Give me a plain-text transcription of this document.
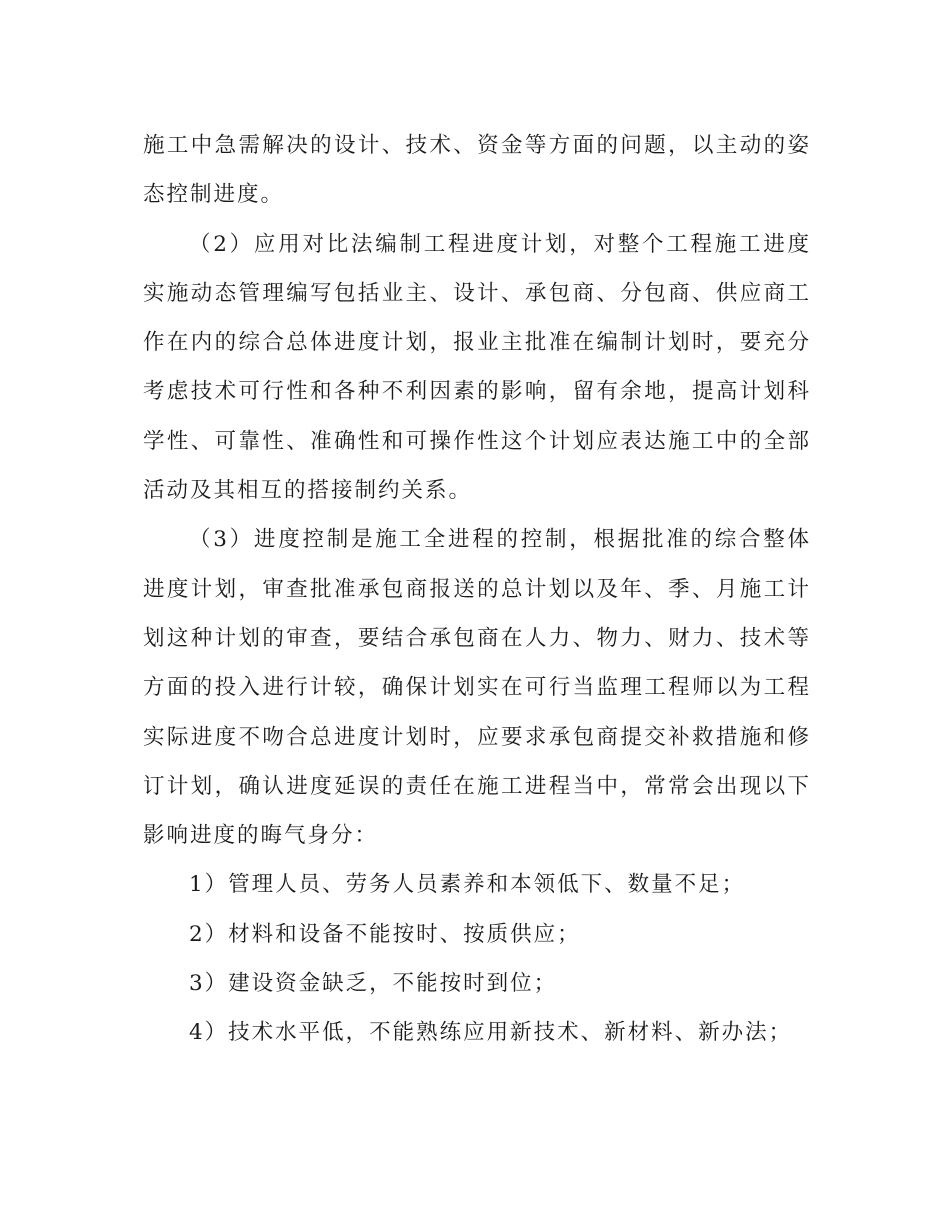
施工中急需解决的设计、技术、资金等方面的问题，以主动的姿态控制进度。

（2）应用对比法编制工程进度计划，对整个工程施工进度实施动态管理编写包括业主、设计、承包商、分包商、供应商工作在内的综合总体进度计划，报业主批准在编制计划时，要充分考虑技术可行性和各种不利因素的影响，留有余地，提高计划科学性、可靠性、准确性和可操作性这个计划应表达施工中的全部活动及其相互的搭接制约关系。

（3）进度控制是施工全进程的控制，根据批准的综合整体进度计划，审查批准承包商报送的总计划以及年、季、月施工计划这种计划的审查，要结合承包商在人力、物力、财力、技术等方面的投入进行计较，确保计划实在可行当监理工程师以为工程实际进度不吻合总进度计划时，应要求承包商提交补救措施和修订计划，确认进度延误的责任在施工进程当中，常常会出现以下影响进度的晦气身分：

1）管理人员、劳务人员素养和本领低下、数量不足；

2）材料和设备不能按时、按质供应；

3）建设资金缺乏，不能按时到位；

4）技术水平低，不能熟练应用新技术、新材料、新办法；
